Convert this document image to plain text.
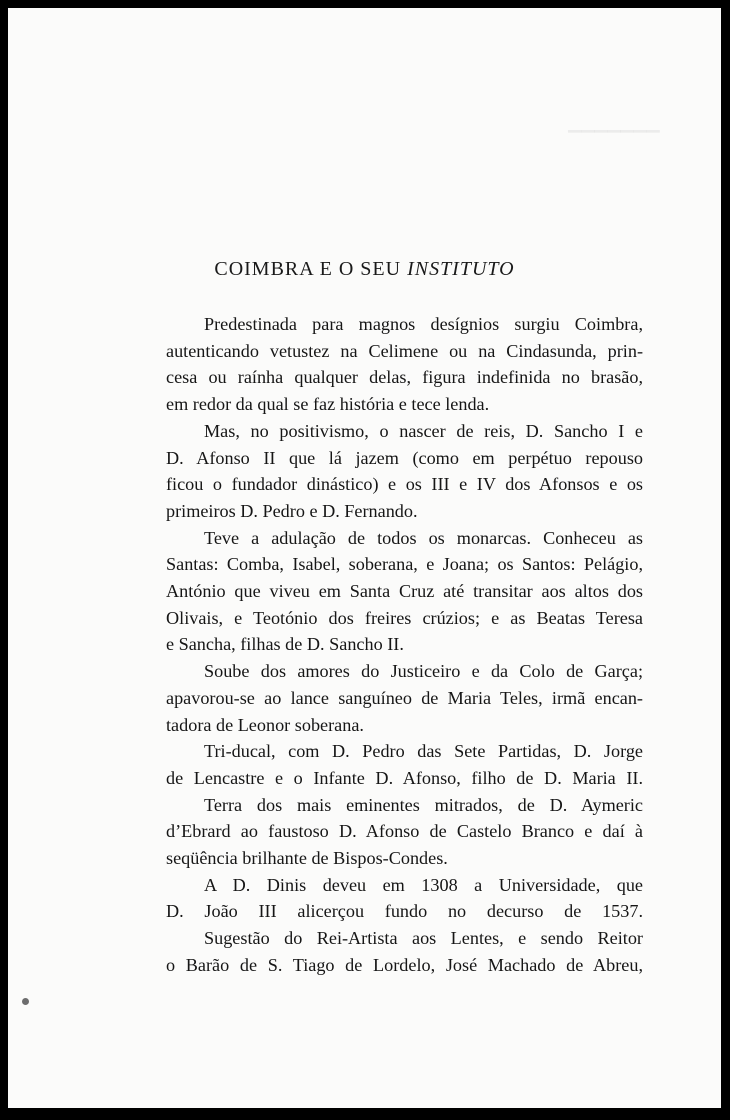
▔▔▔▔▔▔▔
COIMBRA E O SEU INSTITUTO
Predestinada para magnos desígnios surgiu Coimbra,
autenticando vetustez na Celimene ou na Cindasunda, prin-
cesa ou raínha qualquer delas, figura indefinida no brasão,
em redor da qual se faz história e tece lenda.
Mas, no positivismo, o nascer de reis, D. Sancho I e
D. Afonso II que lá jazem (como em perpétuo repouso
ficou o fundador dinástico) e os III e IV dos Afonsos e os
primeiros D. Pedro e D. Fernando.
Teve a adulação de todos os monarcas. Conheceu as
Santas: Comba, Isabel, soberana, e Joana; os Santos: Pelágio,
António que viveu em Santa Cruz até transitar aos altos dos
Olivais, e Teotónio dos freires crúzios; e as Beatas Teresa
e Sancha, filhas de D. Sancho II.
Soube dos amores do Justiceiro e da Colo de Garça;
apavorou-se ao lance sanguíneo de Maria Teles, irmã encan-
tadora de Leonor soberana.
Tri-ducal, com D. Pedro das Sete Partidas, D. Jorge
de Lencastre e o Infante D. Afonso, filho de D. Maria II.
Terra dos mais eminentes mitrados, de D. Aymeric
d’Ebrard ao faustoso D. Afonso de Castelo Branco e daí à
seqüência brilhante de Bispos-Condes.
A D. Dinis deveu em 1308 a Universidade, que
D. João III alicerçou fundo no decurso de 1537.
Sugestão do Rei-Artista aos Lentes, e sendo Reitor
o Barão de S. Tiago de Lordelo, José Machado de Abreu,
